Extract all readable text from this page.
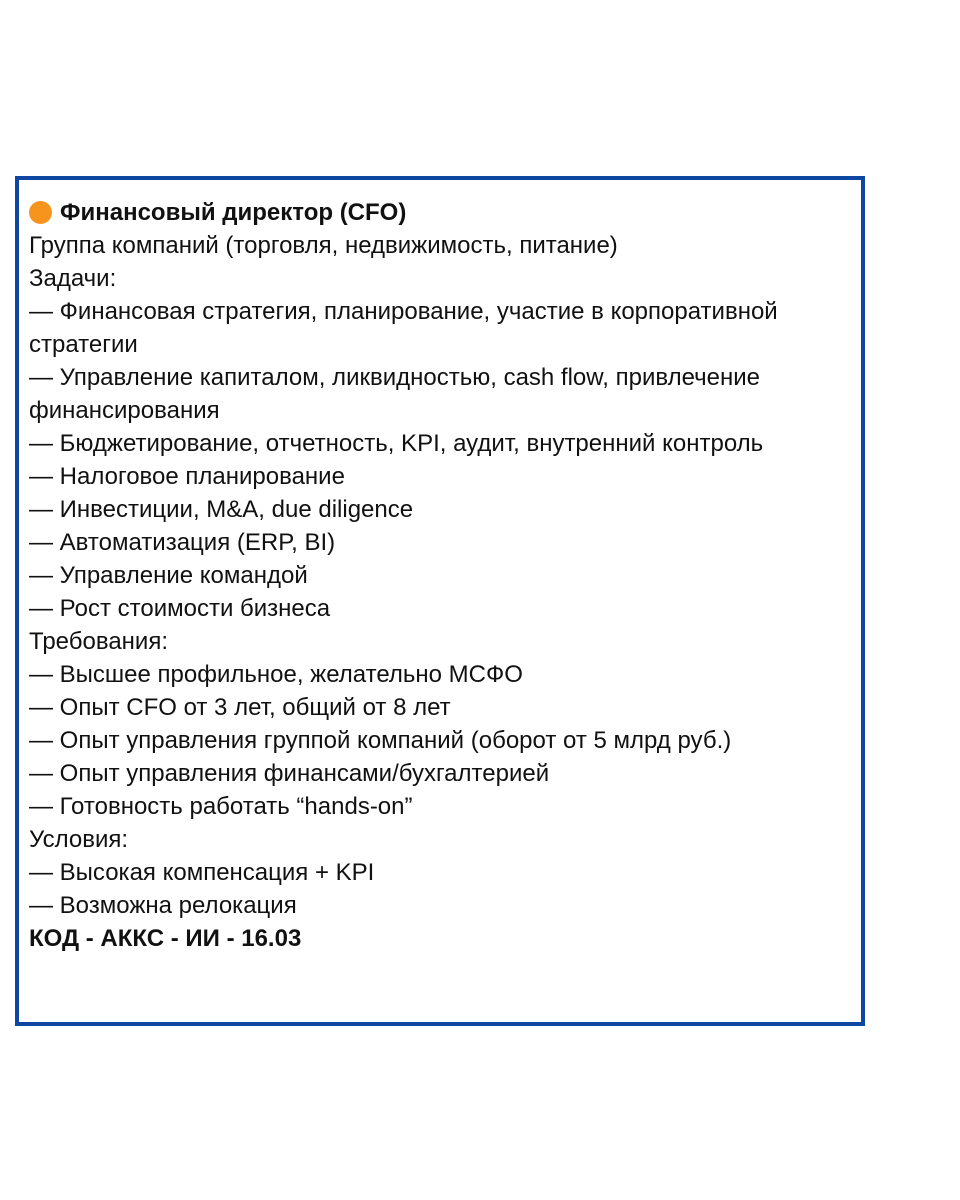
Финансовый директор (CFO)

Группа компаний (торговля, недвижимость, питание)

Задачи:

— Финансовая стратегия, планирование, участие в корпоративной стратегии

— Управление капиталом, ликвидностью, cash flow, привлечение финансирования

— Бюджетирование, отчетность, KPI, аудит, внутренний контроль

— Налоговое планирование

— Инвестиции, M&A, due diligence

— Автоматизация (ERP, BI)

— Управление командой

— Рост стоимости бизнеса

Требования:

— Высшее профильное, желательно МСФО

— Опыт CFO от 3 лет, общий от 8 лет

— Опыт управления группой компаний (оборот от 5 млрд руб.)

— Опыт управления финансами/бухгалтерией

— Готовность работать “hands-on”

Условия:

— Высокая компенсация + KPI

— Возможна релокация

КОД - АККС - ИИ - 16.03
